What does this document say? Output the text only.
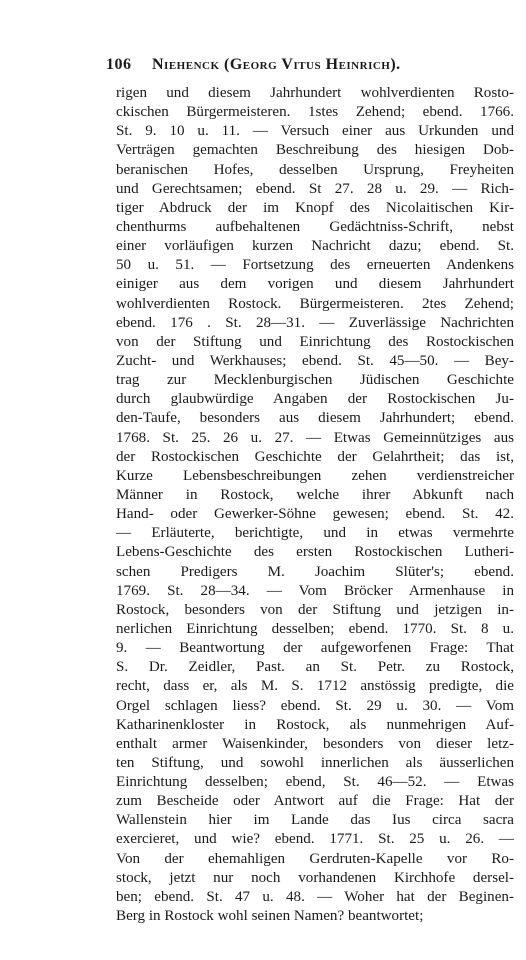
106 Niehenck (Georg Vitus Heinrich).
rigen und diesem Jahrhundert wohlverdienten Rosto-
ckischen Bürgermeisteren. 1stes Zehend; ebend. 1766.
St. 9. 10 u. 11. — Versuch einer aus Urkunden und
Verträgen gemachten Beschreibung des hiesigen Dob-
beranischen Hofes, desselben Ursprung, Freyheiten
und Gerechtsamen; ebend. St 27. 28 u. 29. — Rich-
tiger Abdruck der im Knopf des Nicolaitischen Kir-
chenthurms aufbehaltenen Gedächtniss-Schrift, nebst
einer vorläufigen kurzen Nachricht dazu; ebend. St.
50 u. 51. — Fortsetzung des erneuerten Andenkens
einiger aus dem vorigen und diesem Jahrhundert
wohlverdienten Rostock. Bürgermeisteren. 2tes Zehend;
ebend. 176 . St. 28—31. — Zuverlässige Nachrichten
von der Stiftung und Einrichtung des Rostockischen
Zucht- und Werkhauses; ebend. St. 45—50. — Bey-
trag zur Mecklenburgischen Jüdischen Geschichte
durch glaubwürdige Angaben der Rostockischen Ju-
den-Taufe, besonders aus diesem Jahrhundert; ebend.
1768. St. 25. 26 u. 27. — Etwas Gemeinnütziges aus
der Rostockischen Geschichte der Gelahrtheit; das ist,
Kurze Lebensbeschreibungen zehen verdienstreicher
Männer in Rostock, welche ihrer Abkunft nach
Hand- oder Gewerker-Söhne gewesen; ebend. St. 42.
— Erläuterte, berichtigte, und in etwas vermehrte
Lebens-Geschichte des ersten Rostockischen Lutheri-
schen Predigers M. Joachim Slüter's; ebend.
1769. St. 28—34. — Vom Bröcker Armenhause in
Rostock, besonders von der Stiftung und jetzigen in-
nerlichen Einrichtung desselben; ebend. 1770. St. 8 u.
9. — Beantwortung der aufgeworfenen Frage: That
S. Dr. Zeidler, Past. an St. Petr. zu Rostock,
recht, dass er, als M. S. 1712 anstössig predigte, die
Orgel schlagen liess? ebend. St. 29 u. 30. — Vom
Katharinenkloster in Rostock, als nunmehrigen Auf-
enthalt armer Waisenkinder, besonders von dieser letz-
ten Stiftung, und sowohl innerlichen als äusserlichen
Einrichtung desselben; ebend, St. 46—52. — Etwas
zum Bescheide oder Antwort auf die Frage: Hat der
Wallenstein hier im Lande das Ius circa sacra
exercieret, und wie? ebend. 1771. St. 25 u. 26. —
Von der ehemahligen Gerdruten-Kapelle vor Ro-
stock, jetzt nur noch vorhandenen Kirchhofe dersel-
ben; ebend. St. 47 u. 48. — Woher hat der Beginen-
Berg in Rostock wohl seinen Namen? beantwortet;
